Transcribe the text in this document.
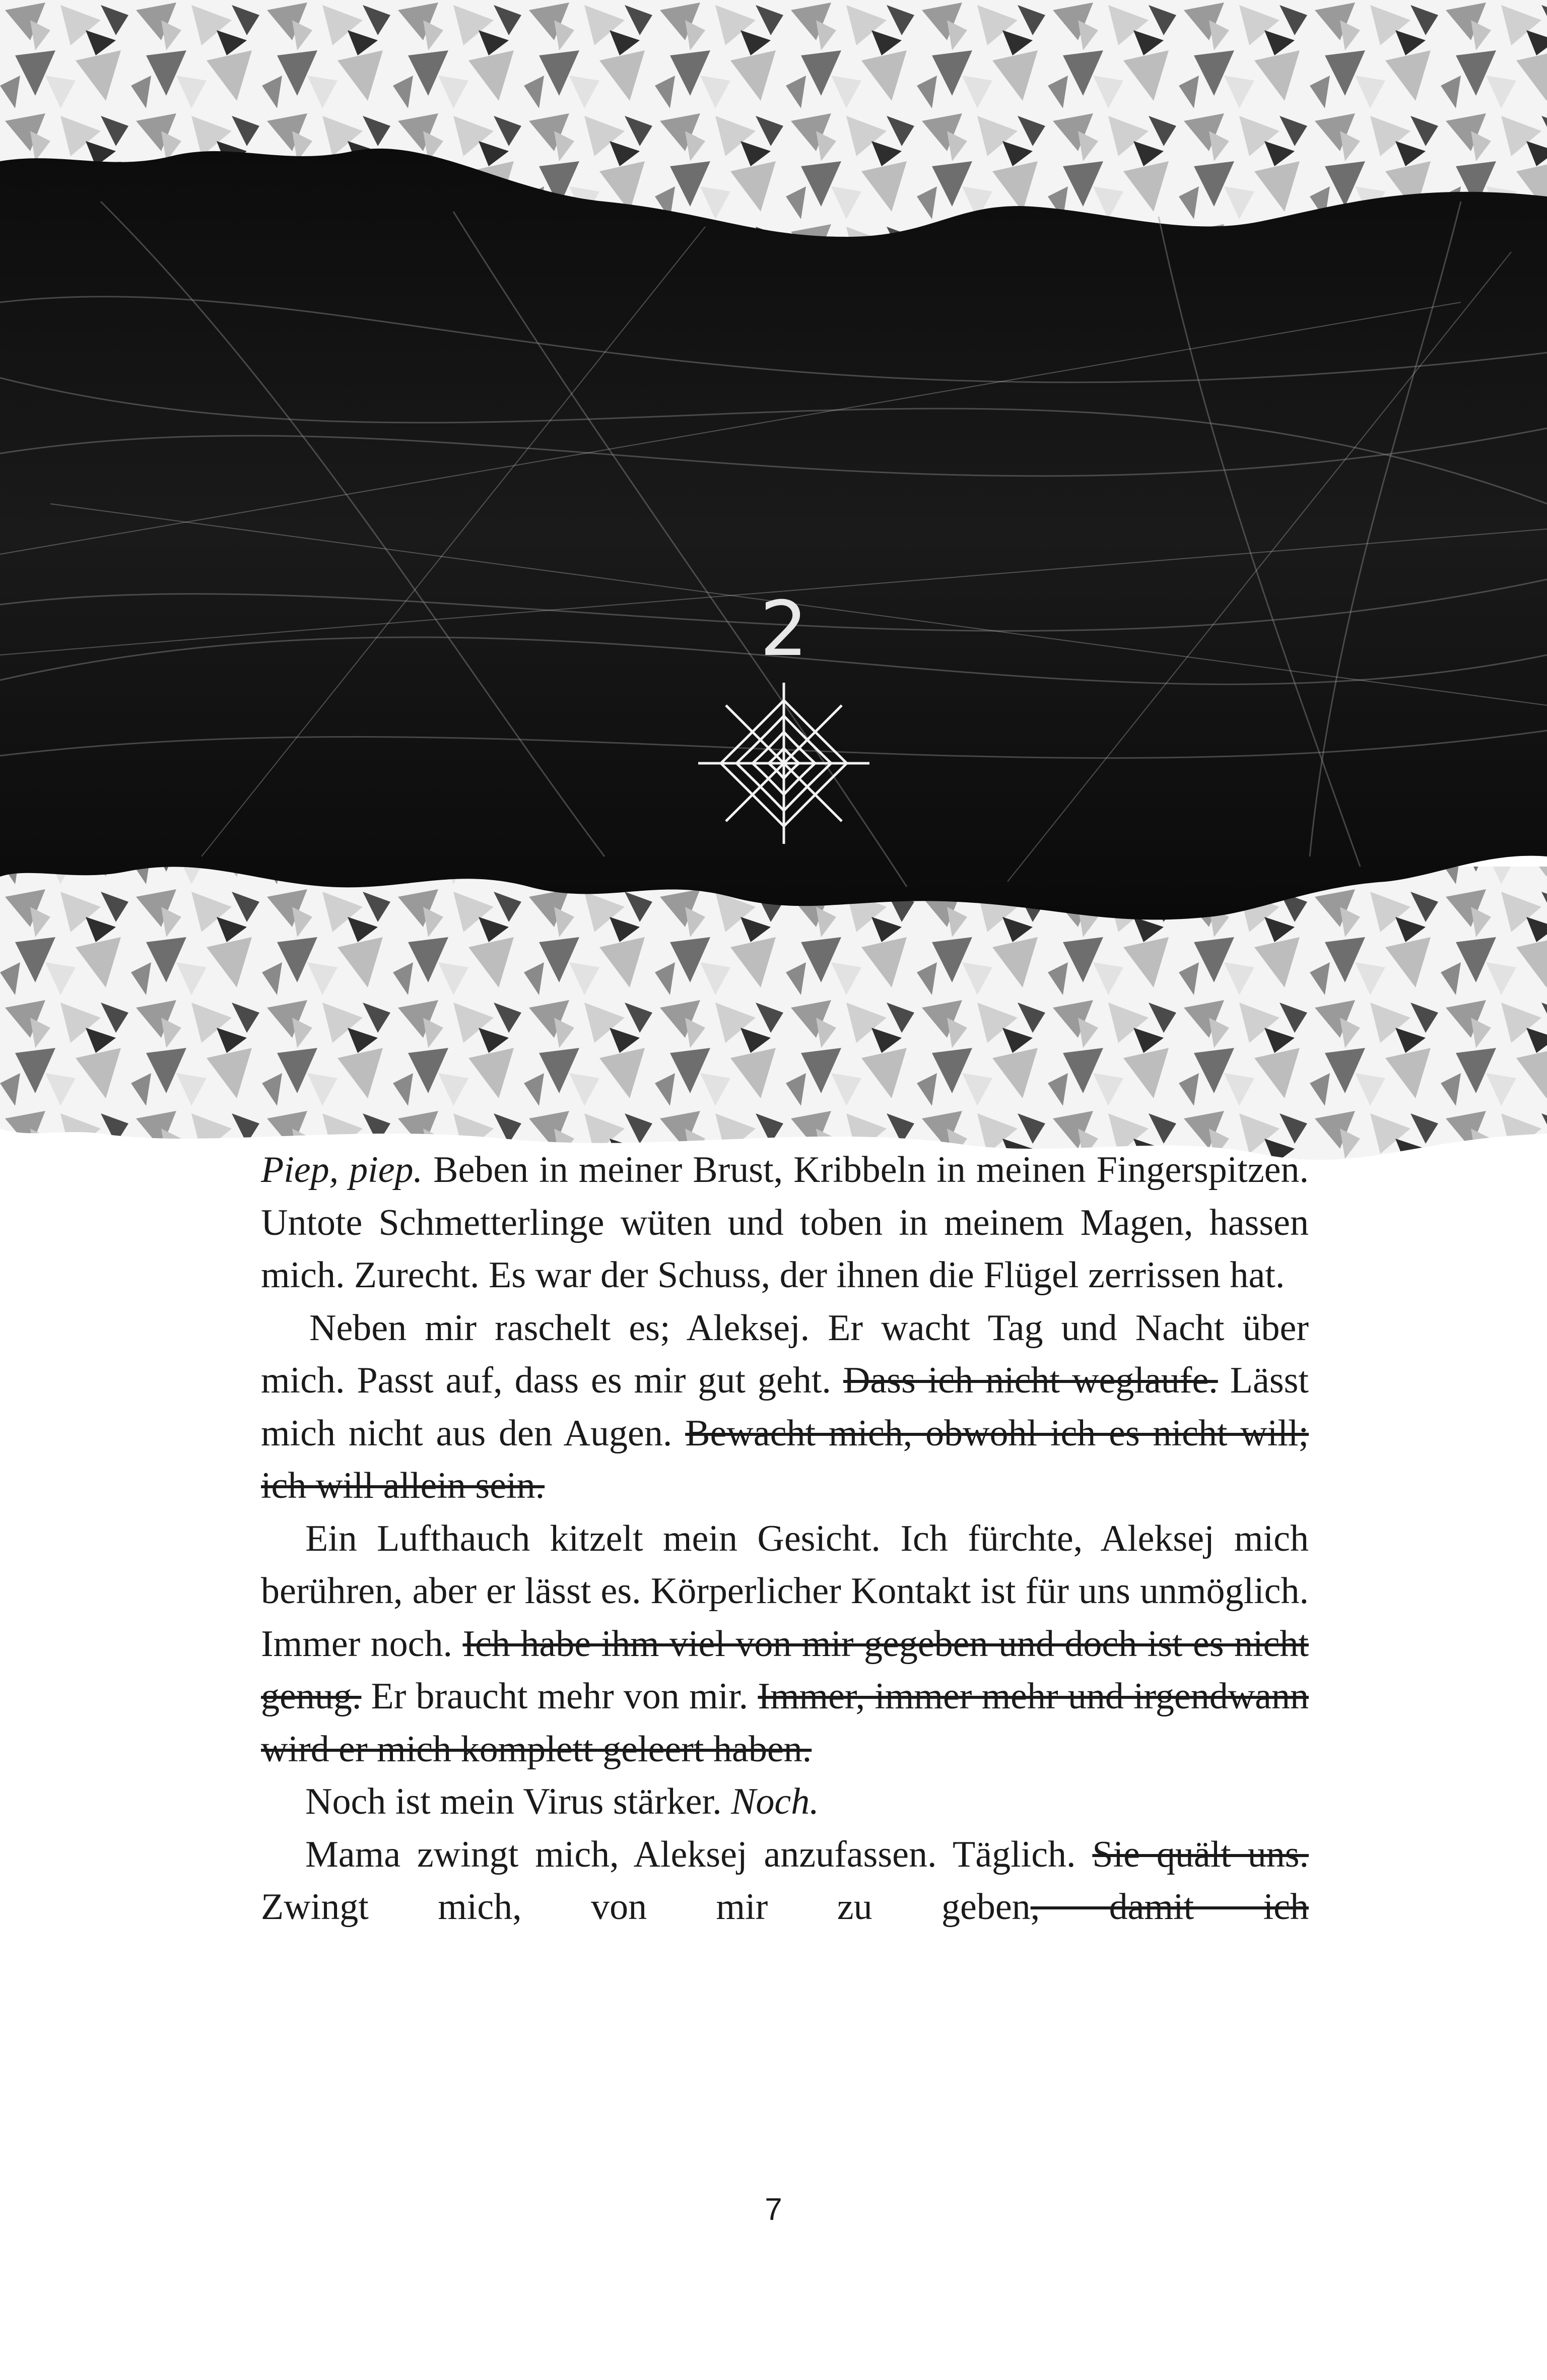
2

Piep, piep. Beben in meiner Brust, Kribbeln in meinen Fingerspitzen. Untote Schmetterlinge wüten und toben in meinem Magen, hassen mich. Zurecht. Es war der Schuss, der ihnen die Flügel zerrissen hat.

Neben mir raschelt es; Aleksej. Er wacht Tag und Nacht über mich. Passt auf, dass es mir gut geht. Dass ich nicht weglaufe. Lässt mich nicht aus den Augen. Bewacht mich, obwohl ich es nicht will; ich will allein sein.

Ein Lufthauch kitzelt mein Gesicht. Ich fürchte, Aleksej mich berühren, aber er lässt es. Körperlicher Kontakt ist für uns unmöglich. Immer noch. Ich habe ihm viel von mir gegeben und doch ist es nicht genug. Er braucht mehr von mir. Immer, immer mehr und irgendwann wird er mich komplett geleert haben.

Noch ist mein Virus stärker. Noch.

Mama zwingt mich, Aleksej anzufassen. Täglich. Sie quält uns. Zwingt mich, von mir zu geben, damit ich

7
